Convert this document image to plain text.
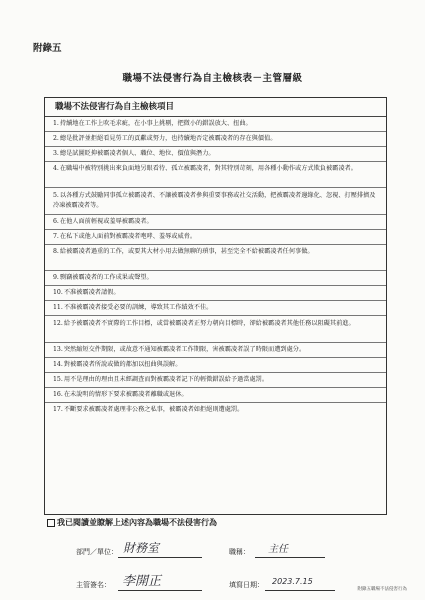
附錄五
職場不法侵害行為自主檢核表－主管層級
職場不法侵害行為自主檢核項目
1.持續地在工作上吹毛求疵，在小事上挑剔，把微小的錯誤放大、扭曲。
2.總是批評並拒絕看見勞工的貢獻或努力，也持續地否定被霸凌者的存在與價值。
3.總是試圖貶抑被霸凌者個人、職位、地位、價值與潛力。
4.在職場中被特別挑出來負面地另眼看待、孤立被霸凌者，對其特別苛刻，用各種小動作或方式欺負被霸凌者。
5.以各種方式鼓勵同事孤立被霸凌者、不讓被霸凌者參與重要事務或社交活動，把被霸凌者邊緣化、忽視、打壓排擠及冷凍被霸凌者等。
6.在他人面前輕視或羞辱被霸凌者。
7.在私下或他人面前對被霸凌者咆哮、羞辱或威脅。
8.給被霸凌者過重的工作，或要其大材小用去做無聊的瑣事，甚至完全不給被霸凌者任何事做。
9.剽竊被霸凌者的工作成果或聲望。
10.不准被霸凌者請假。
11.不准被霸凌者接受必要的訓練，導致其工作績效不佳。
12.給予被霸凌者不實際的工作目標，或當被霸凌者正努力朝向目標時，卻給被霸凌者其他任務以阻礙其前進。
13.突然縮短交件期限，或故意不通知被霸凌者工作期限，害被霸凌者誤了時限而遭到處分。
14.對被霸凌者所說或做的都加以扭曲與誤解。
15.用不是理由的理由且未經調查而對被霸凌者記下的輕微錯誤給予過當處罰。
16.在未說明的情形下要求被霸凌者離職或退休。
17.不斷要求被霸凌者處理非公務之私事，被霸凌者如拒絕則遭處罰。
我已閱讀並瞭解上述內容為職場不法侵害行為
部門／單位： 財務室	職稱： 主任
主管簽名： 李開正	填寫日期： 2023.7.15
附錄五職場不法侵害行為
